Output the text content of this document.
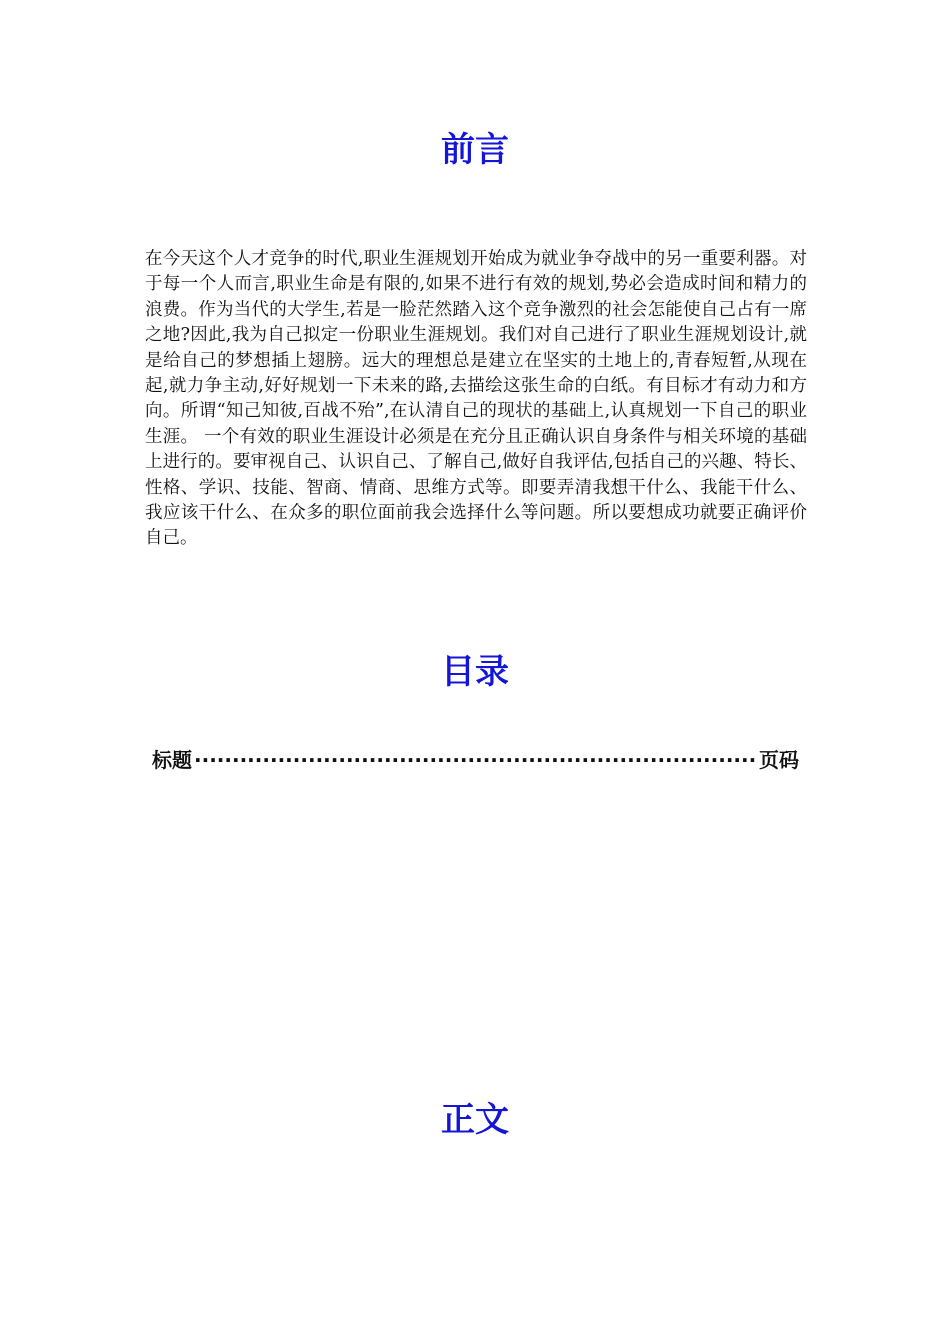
前言

在今天这个人才竞争的时代,职业生涯规划开始成为就业争夺战中的另一重要利器。对于每一个人而言,职业生命是有限的,如果不进行有效的规划,势必会造成时间和精力的浪费。作为当代的大学生,若是一脸茫然踏入这个竞争激烈的社会怎能使自己占有一席之地?因此,我为自己拟定一份职业生涯规划。我们对自己进行了职业生涯规划设计,就是给自己的梦想插上翅膀。远大的理想总是建立在坚实的土地上的,青春短暂,从现在起,就力争主动,好好规划一下未来的路,去描绘这张生命的白纸。有目标才有动力和方向。所谓“知己知彼,百战不殆”,在认清自己的现状的基础上,认真规划一下自己的职业生涯。 一个有效的职业生涯设计必须是在充分且正确认识自身条件与相关环境的基础上进行的。要审视自己、认识自己、了解自己,做好自我评估,包括自己的兴趣、特长、性格、学识、技能、智商、情商、思维方式等。即要弄清我想干什么、我能干什么、我应该干什么、在众多的职位面前我会选择什么等问题。所以要想成功就要正确评价自己。

目录
标题
·····	页码
正文
